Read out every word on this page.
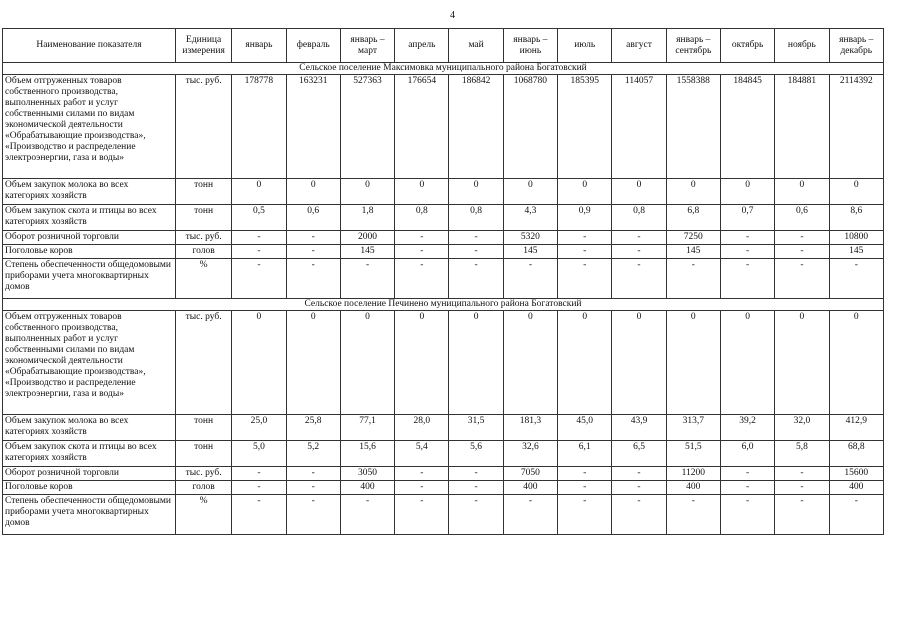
4
Наименование показателя	Единица измерения	январь	февраль	январь – март	апрель	май	январь – июнь	июль	август	январь – сентябрь	октябрь	ноябрь	январь – декабрь
Сельское поселение Максимовка муниципального района Богатовский													
Объем отгруженных товаров собственного производства, выполненных работ и услуг собственными силами по видам экономической деятельности «Обрабатывающие производства», «Производство и распределение электроэнергии, газа и воды»	тыс. руб.	178778	163231	527363	176654	186842	1068780	185395	114057	1558388	184845	184881	2114392
Объем закупок молока во всех категориях хозяйств	тонн	0	0	0	0	0	0	0	0	0	0	0	0
Объем закупок скота и птицы во всех категориях хозяйств	тонн	0,5	0,6	1,8	0,8	0,8	4,3	0,9	0,8	6,8	0,7	0,6	8,6
Оборот розничной торговли	тыс. руб.	-	-	2000	-	-	5320	-	-	7250	-	-	10800
Поголовье коров	голов	-	-	145	-	-	145	-	-	145	-	-	145
Степень обеспеченности общедомовыми приборами учета многоквартирных домов	%	-	-	-	-	-	-	-	-	-	-	-	-
Сельское поселение Печинено муниципального района Богатовский													
Объем отгруженных товаров собственного производства, выполненных работ и услуг собственными силами по видам экономической деятельности «Обрабатывающие производства», «Производство и распределение электроэнергии, газа и воды»	тыс. руб.	0	0	0	0	0	0	0	0	0	0	0	0
Объем закупок молока во всех категориях хозяйств	тонн	25,0	25,8	77,1	28,0	31,5	181,3	45,0	43,9	313,7	39,2	32,0	412,9
Объем закупок скота и птицы во всех категориях хозяйств	тонн	5,0	5,2	15,6	5,4	5,6	32,6	6,1	6,5	51,5	6,0	5,8	68,8
Оборот розничной торговли	тыс. руб.	-	-	3050	-	-	7050	-	-	11200	-	-	15600
Поголовье коров	голов	-	-	400	-	-	400	-	-	400	-	-	400
Степень обеспеченности общедомовыми приборами учета многоквартирных домов	%	-	-	-	-	-	-	-	-	-	-	-	-
